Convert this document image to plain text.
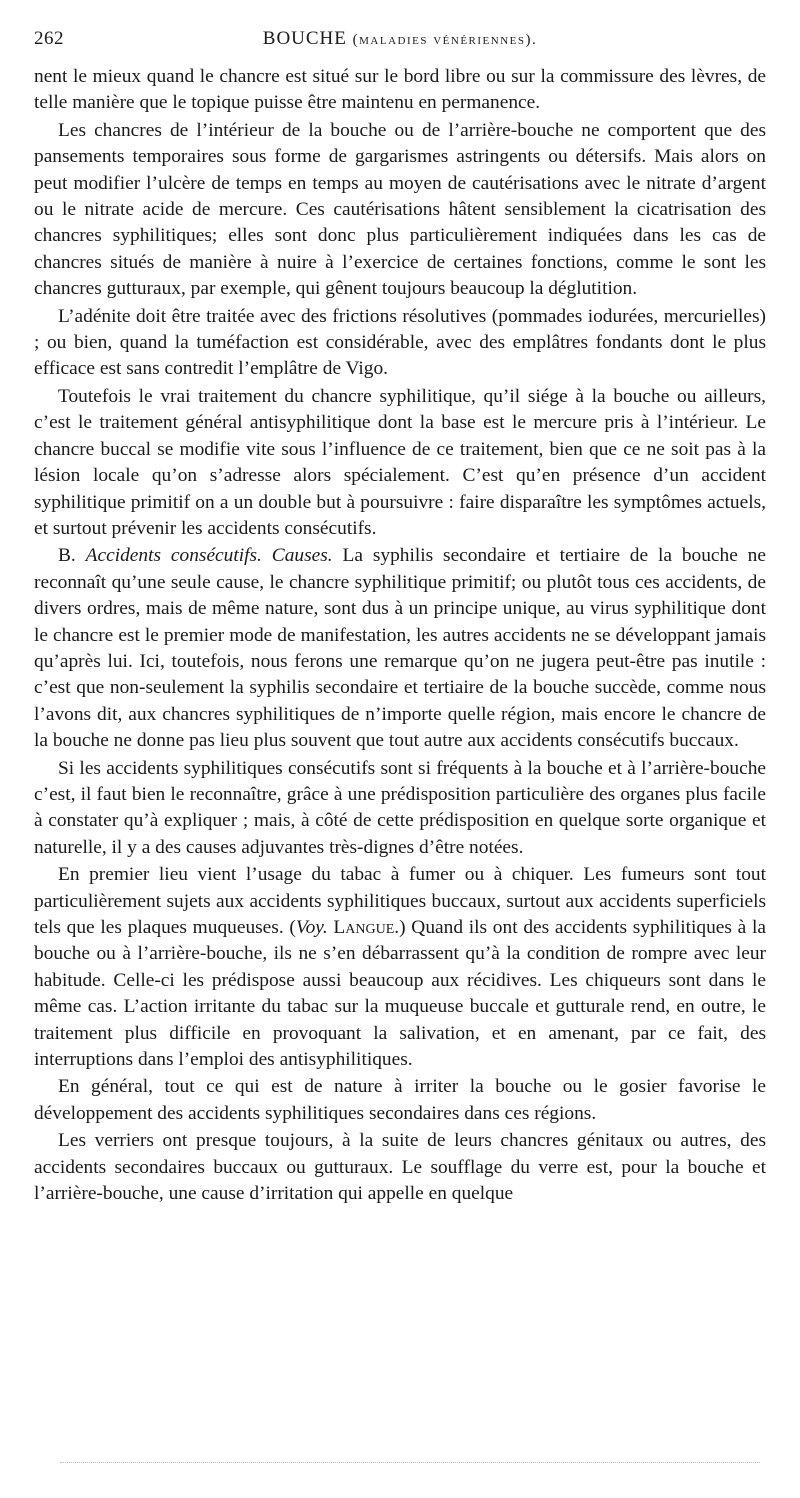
262	BOUCHE (maladies vénériennes).

nent le mieux quand le chancre est situé sur le bord libre ou sur la commissure des lèvres, de telle manière que le topique puisse être maintenu en permanence.

Les chancres de l’intérieur de la bouche ou de l’arrière-bouche ne comportent que des pansements temporaires sous forme de gargarismes astringents ou détersifs. Mais alors on peut modifier l’ulcère de temps en temps au moyen de cautérisations avec le nitrate d’argent ou le nitrate acide de mercure. Ces cautérisations hâtent sensiblement la cicatrisation des chancres syphilitiques; elles sont donc plus particulièrement indiquées dans les cas de chancres situés de manière à nuire à l’exercice de certaines fonctions, comme le sont les chancres gutturaux, par exemple, qui gênent toujours beaucoup la déglutition.

L’adénite doit être traitée avec des frictions résolutives (pommades iodurées, mercurielles) ; ou bien, quand la tuméfaction est considérable, avec des emplâtres fondants dont le plus efficace est sans contredit l’emplâtre de Vigo.

Toutefois le vrai traitement du chancre syphilitique, qu’il siége à la bouche ou ailleurs, c’est le traitement général antisyphilitique dont la base est le mercure pris à l’intérieur. Le chancre buccal se modifie vite sous l’influence de ce traitement, bien que ce ne soit pas à la lésion locale qu’on s’adresse alors spécialement. C’est qu’en présence d’un accident syphilitique primitif on a un double but à poursuivre : faire disparaître les symptômes actuels, et surtout prévenir les accidents consécutifs.

B. Accidents consécutifs. Causes. La syphilis secondaire et tertiaire de la bouche ne reconnaît qu’une seule cause, le chancre syphilitique primitif; ou plutôt tous ces accidents, de divers ordres, mais de même nature, sont dus à un principe unique, au virus syphilitique dont le chancre est le premier mode de manifestation, les autres accidents ne se développant jamais qu’après lui. Ici, toutefois, nous ferons une remarque qu’on ne jugera peut-être pas inutile : c’est que non-seulement la syphilis secondaire et tertiaire de la bouche succède, comme nous l’avons dit, aux chancres syphilitiques de n’importe quelle région, mais encore le chancre de la bouche ne donne pas lieu plus souvent que tout autre aux accidents consécutifs buccaux.

Si les accidents syphilitiques consécutifs sont si fréquents à la bouche et à l’arrière-bouche c’est, il faut bien le reconnaître, grâce à une prédisposition particulière des organes plus facile à constater qu’à expliquer ; mais, à côté de cette prédisposition en quelque sorte organique et naturelle, il y a des causes adjuvantes très-dignes d’être notées.

En premier lieu vient l’usage du tabac à fumer ou à chiquer. Les fumeurs sont tout particulièrement sujets aux accidents syphilitiques buccaux, surtout aux accidents superficiels tels que les plaques muqueuses. (Voy. Langue.) Quand ils ont des accidents syphilitiques à la bouche ou à l’arrière-bouche, ils ne s’en débarrassent qu’à la condition de rompre avec leur habitude. Celle-ci les prédispose aussi beaucoup aux récidives. Les chiqueurs sont dans le même cas. L’action irritante du tabac sur la muqueuse buccale et gutturale rend, en outre, le traitement plus difficile en provoquant la salivation, et en amenant, par ce fait, des interruptions dans l’emploi des antisyphilitiques.

En général, tout ce qui est de nature à irriter la bouche ou le gosier favorise le développement des accidents syphilitiques secondaires dans ces régions.

Les verriers ont presque toujours, à la suite de leurs chancres génitaux ou autres, des accidents secondaires buccaux ou gutturaux. Le soufflage du verre est, pour la bouche et l’arrière-bouche, une cause d’irritation qui appelle en quelque
